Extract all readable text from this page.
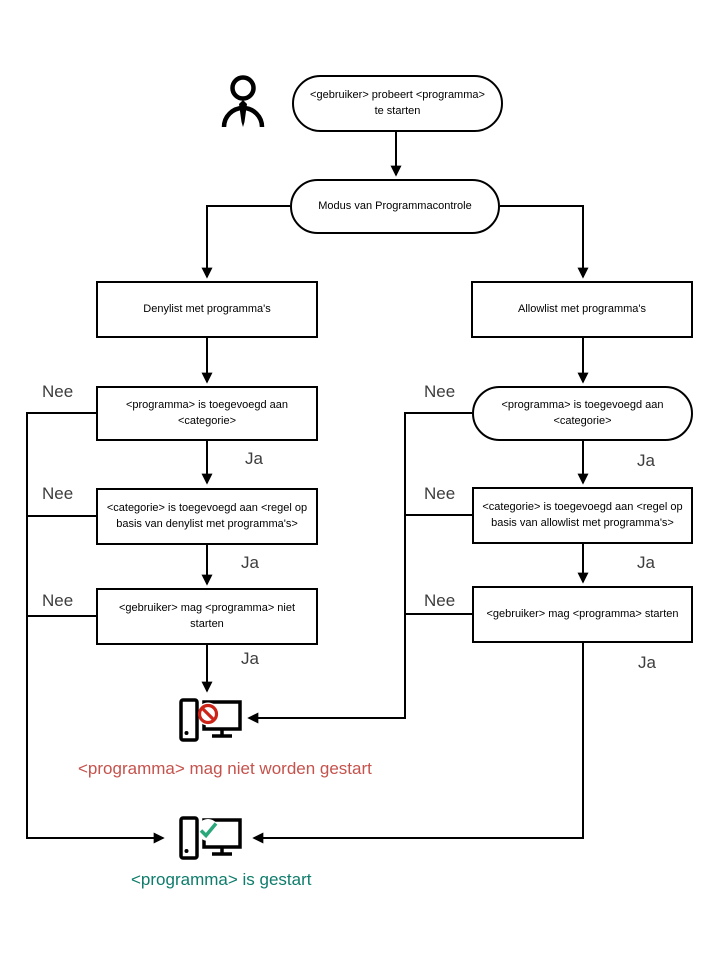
<gebruiker> probeert <programma> te starten
Modus van Programmacontrole
Denylist met programma's	Allowlist met programma's
<programma> is toegevoegd aan <categorie>
<programma> is toegevoegd aan <categorie>
<categorie> is toegevoegd aan <regel op basis van denylist met programma's>
<categorie> is toegevoegd aan <regel op basis van allowlist met programma's>
<gebruiker> mag <programma> niet starten
<gebruiker> mag <programma> starten
Nee
Nee
Nee
Nee
Nee
Nee
Ja
Ja
Ja
Ja
Ja
Ja
<programma> mag niet worden gestart
<programma> is gestart
